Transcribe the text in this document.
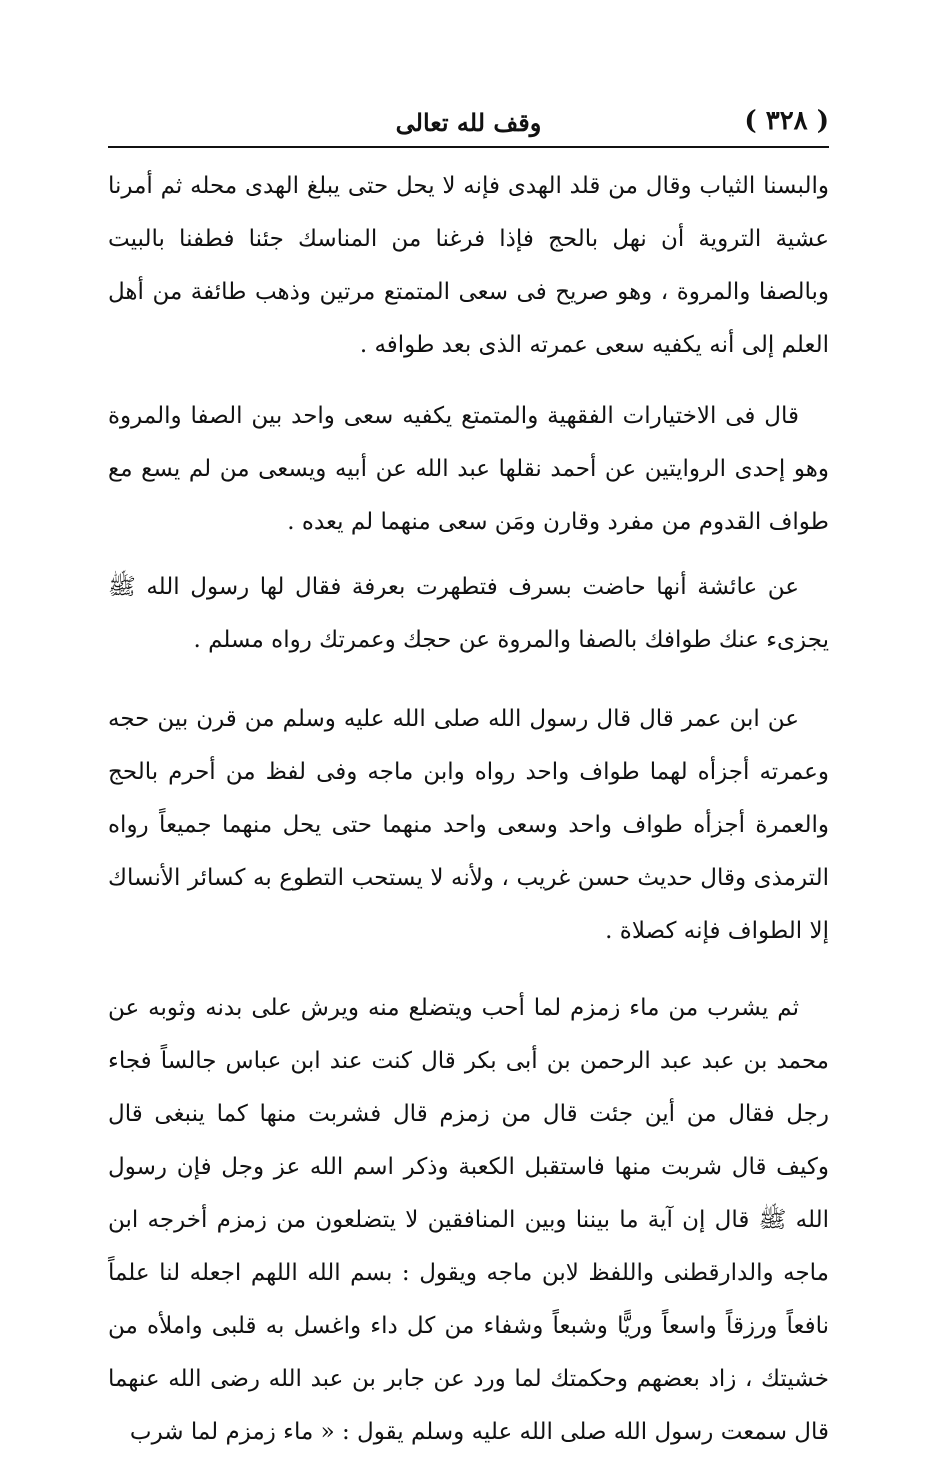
( ٣٢٨ )
وقف لله تعالى

والبسنا الثياب وقال من قلد الهدى فإنه لا يحل حتى يبلغ الهدى محله ثم أمرنا عشية التروية أن نهل بالحج فإذا فرغنا من المناسك جئنا فطفنا بالبيت وبالصفا والمروة ، وهو صريح فى سعى المتمتع مرتين وذهب طائفة من أهل العلم إلى أنه يكفيه سعى عمرته الذى بعد طوافه .

قال فى الاختيارات الفقهية والمتمتع يكفيه سعى واحد بين الصفا والمروة وهو إحدى الروايتين عن أحمد نقلها عبد الله عن أبيه ويسعى من لم يسع مع طواف القدوم من مفرد وقارن ومَن سعى منهما لم يعده .

عن عائشة أنها حاضت بسرف فتطهرت بعرفة فقال لها رسول الله ﷺ يجزىء عنك طوافك بالصفا والمروة عن حجك وعمرتك رواه مسلم .

عن ابن عمر قال قال رسول الله صلى الله عليه وسلم من قرن بين حجه وعمرته أجزأه لهما طواف واحد رواه وابن ماجه وفى لفظ من أحرم بالحج والعمرة أجزأه طواف واحد وسعى واحد منهما حتى يحل منهما جميعاً رواه الترمذى وقال حديث حسن غريب ، ولأنه لا يستحب التطوع به كسائر الأنساك إلا الطواف فإنه كصلاة .

ثم يشرب من ماء زمزم لما أحب ويتضلع منه ويرش على بدنه وثوبه عن محمد بن عبد عبد الرحمن بن أبى بكر قال كنت عند ابن عباس جالساً فجاء رجل فقال من أين جئت قال من زمزم قال فشربت منها كما ينبغى قال وكيف قال شربت منها فاستقبل الكعبة وذكر اسم الله عز وجل فإن رسول الله ﷺ قال إن آية ما بيننا وبين المنافقين لا يتضلعون من زمزم أخرجه ابن ماجه والدارقطنى واللفظ لابن ماجه ويقول : بسم الله اللهم اجعله لنا علماً نافعاً ورزقاً واسعاً وريًّا وشبعاً وشفاء من كل داء واغسل به قلبى واملأه من خشيتك ، زاد بعضهم وحكمتك لما ورد عن جابر بن عبد الله رضى الله عنهما قال سمعت رسول الله صلى الله عليه وسلم يقول : « ماء زمزم لما شرب
